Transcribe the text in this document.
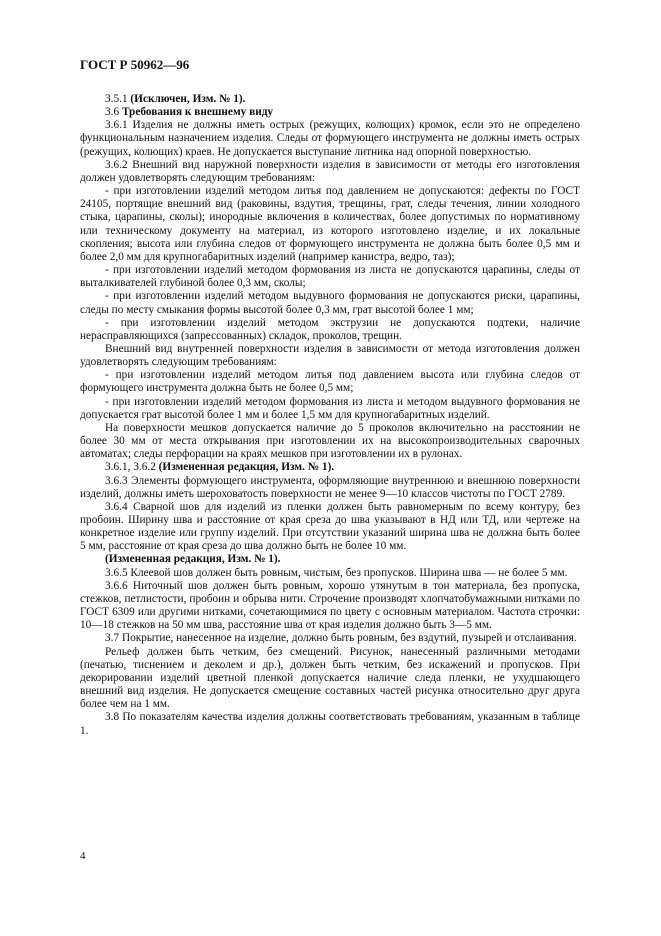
ГОСТ Р 50962—96

3.5.1 (Исключен, Изм. № 1).

3.6 Требования к внешнему виду

3.6.1 Изделия не должны иметь острых (режущих, колющих) кромок, если это не определено функциональным назначением изделия. Следы от формующего инструмента не должны иметь острых (режущих, колющих) краев. Не допускается выступание литника над опорной поверхностью.

3.6.2 Внешний вид наружной поверхности изделия в зависимости от методы его изготовления должен удовлетворять следующим требованиям:

- при изготовлении изделий методом литья под давлением не допускаются: дефекты по ГОСТ 24105, портящие внешний вид (раковины, вздутия, трещины, грат, следы течения, линии холодного стыка, царапины, сколы); инородные включения в количествах, более допустимых по нормативному или техническому документу на материал, из которого изготовлено изделие, и их локальные скопления; высота или глубина следов от формующего инструмента не должна быть более 0,5 мм и более 2,0 мм для крупногабаритных изделий (например канистра, ведро, таз);

- при изготовлении изделий методом формования из листа не допускаются царапины, следы от выталкивателей глубиной более 0,3 мм, сколы;

- при изготовлении изделий методом выдувного формования не допускаются риски, царапины, следы по месту смыкания формы высотой более 0,3 мм, грат высотой более 1 мм;

- при изготовлении изделий методом экструзии не допускаются подтеки, наличие нерасправляющихся (запрессованных) складок, проколов, трещин.

Внешний вид внутренней поверхности изделия в зависимости от метода изготовления должен удовлетворять следующим требованиям:

- при изготовлении изделий методом литья под давлением высота или глубина следов от формующего инструмента должна быть не более 0,5 мм;

- при изготовлении изделий методом формования из листа и методом выдувного формования не допускается грат высотой более 1 мм и более 1,5 мм для крупногабаритных изделий.

На поверхности мешков допускается наличие до 5 проколов включительно на расстоянии не более 30 мм от места открывания при изготовлении их на высокопроизводительных сварочных автоматах; следы перфорации на краях мешков при изготовлении их в рулонах.

3.6.1, 3.6.2 (Измененная редакция, Изм. № 1).

3.6.3 Элементы формующего инструмента, оформляющие внутреннюю и внешнюю поверхности изделий, должны иметь шероховатость поверхности не менее 9—10 классов чистоты по ГОСТ 2789.

3.6.4 Сварной шов для изделий из пленки должен быть равномерным по всему контуру, без пробоин. Ширину шва и расстояние от края среза до шва указывают в НД или ТД, или чертеже на конкретное изделие или группу изделий. При отсутствии указаний ширина шва не должна быть более 5 мм, расстояние от края среза до шва должно быть не более 10 мм.

(Измененная редакция, Изм. № 1).

3.6.5 Клеевой шов должен быть ровным, чистым, без пропусков. Ширина шва — не более 5 мм.

3.6.6 Ниточный шов должен быть ровным, хорошо утянутым в тон материала, без пропуска, стежков, петлистости, пробоин и обрыва нити. Строчение производят хлопчатобумажными нитками по ГОСТ 6309 или другими нитками, сочетающимися по цвету с основным материалом. Частота строчки: 10—18 стежков на 50 мм шва, расстояние шва от края изделия должно быть 3—5 мм.

3.7 Покрытие, нанесенное на изделие, должно быть ровным, без вздутий, пузырей и отслаивания.

Рельеф должен быть четким, без смещений. Рисунок, нанесенный различными методами (печатью, тиснением и деколем и др.), должен быть четким, без искажений и пропусков. При декорировании изделий цветной пленкой допускается наличие следа пленки, не ухудшающего внешний вид изделия. Не допускается смещение составных частей рисунка относительно друг друга более чем на 1 мм.

3.8 По показателям качества изделия должны соответствовать требованиям, указанным в таблице 1.

4
